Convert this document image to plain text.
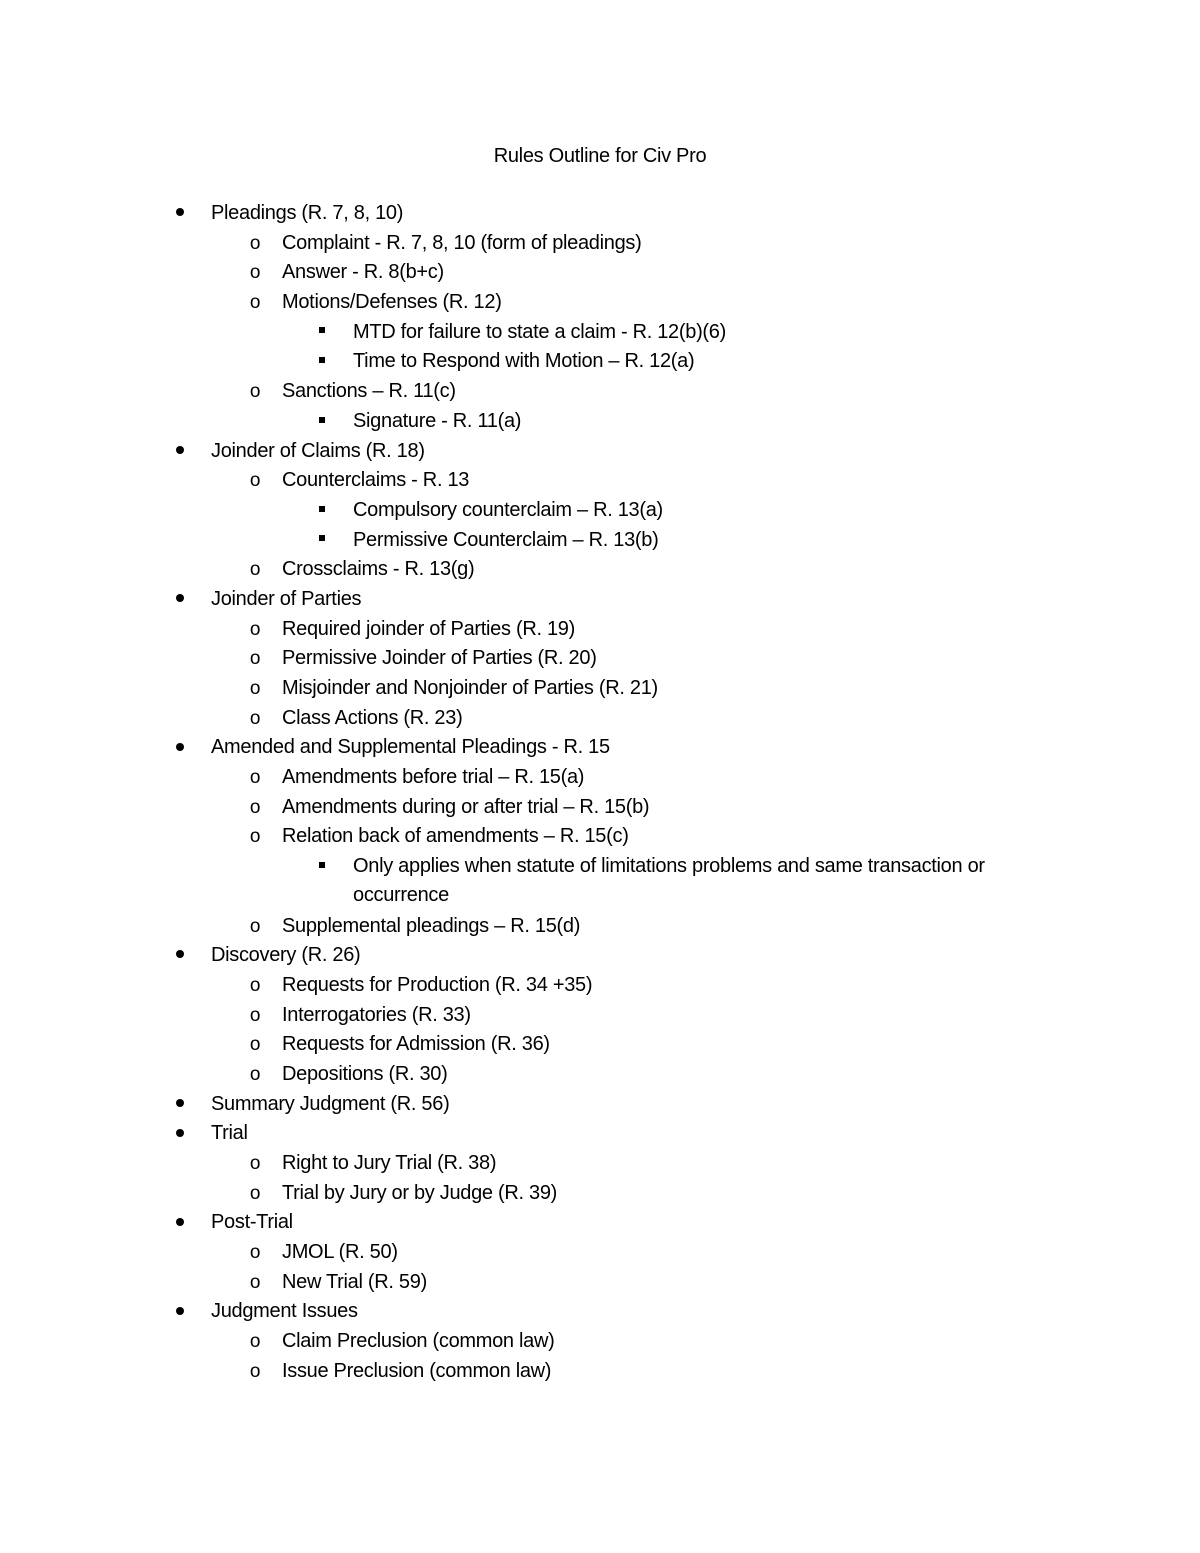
Rules Outline for Civ Pro
Pleadings (R. 7, 8, 10)
o Complaint - R. 7, 8, 10 (form of pleadings)
o Answer - R. 8(b+c)
o Motions/Defenses (R. 12)
MTD for failure to state a claim - R. 12(b)(6)
Time to Respond with Motion – R. 12(a)
o Sanctions – R. 11(c)
Signature - R. 11(a)
Joinder of Claims (R. 18)
o Counterclaims - R. 13
Compulsory counterclaim – R. 13(a)
Permissive Counterclaim – R. 13(b)
o Crossclaims - R. 13(g)
Joinder of Parties
o Required joinder of Parties (R. 19)
o Permissive Joinder of Parties (R. 20)
o Misjoinder and Nonjoinder of Parties (R. 21)
o Class Actions (R. 23)
Amended and Supplemental Pleadings - R. 15
o Amendments before trial – R. 15(a)
o Amendments during or after trial – R. 15(b)
o Relation back of amendments – R. 15(c)
Only applies when statute of limitations problems and same transaction or occurrence
o Supplemental pleadings – R. 15(d)
Discovery (R. 26)
o Requests for Production (R. 34 +35)
o Interrogatories (R. 33)
o Requests for Admission (R. 36)
o Depositions (R. 30)
Summary Judgment (R. 56)
Trial
o Right to Jury Trial (R. 38)
o Trial by Jury or by Judge (R. 39)
Post-Trial
o JMOL (R. 50)
o New Trial (R. 59)
Judgment Issues
o Claim Preclusion (common law)
o Issue Preclusion (common law)
